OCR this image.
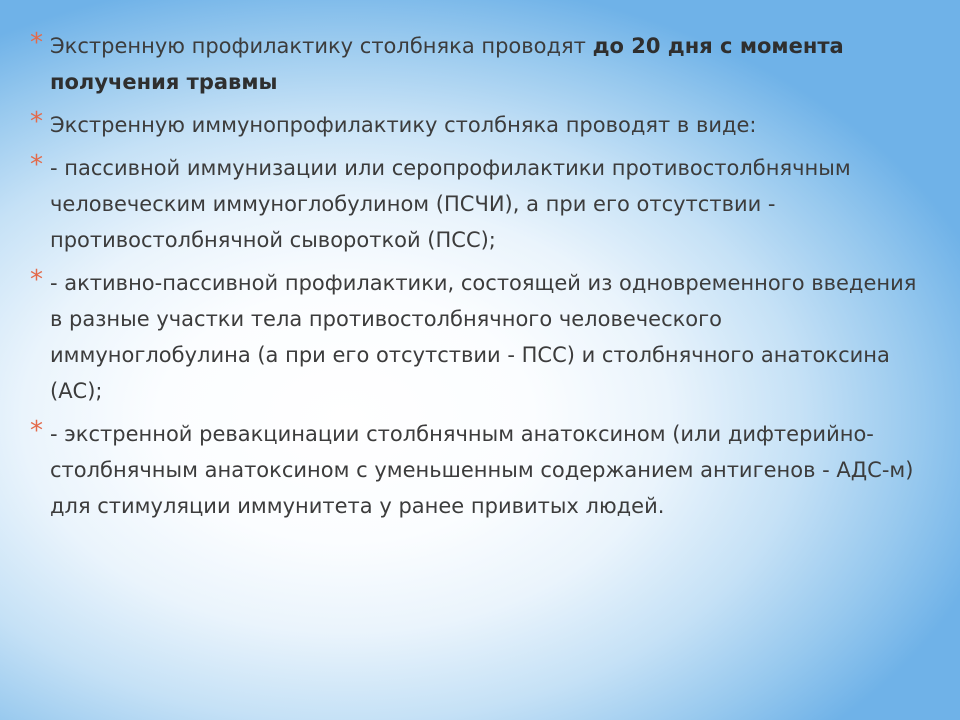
* Экстренную профилактику столбняка проводят до 20 дня с момента получения травмы
* Экстренную иммунопрофилактику столбняка проводят в виде:
* - пассивной иммунизации или серопрофилактики противостолбнячным человеческим иммуноглобулином (ПСЧИ), а при его отсутствии - противостолбнячной сывороткой (ПСС);
* - активно-пассивной профилактики, состоящей из одновременного введения в разные участки тела противостолбнячного человеческого иммуноглобулина (а при его отсутствии - ПСС) и столбнячного анатоксина (АС);
* - экстренной ревакцинации столбнячным анатоксином (или дифтерийно-столбнячным анатоксином с уменьшенным содержанием антигенов - АДС-м) для стимуляции иммунитета у ранее привитых людей.
